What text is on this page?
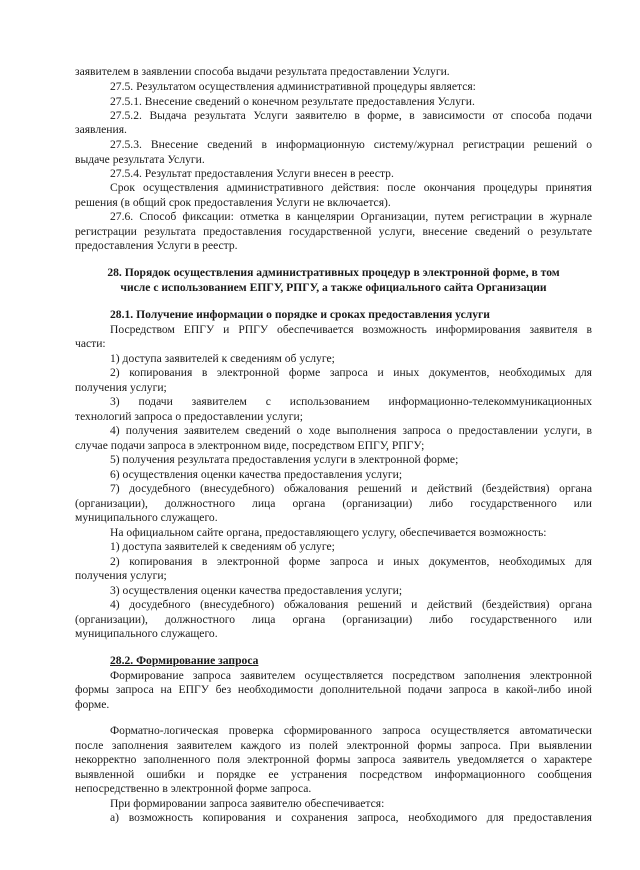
заявителем в заявлении способа выдачи результата предоставлении Услуги.
27.5. Результатом осуществления административной процедуры является:
27.5.1. Внесение сведений о конечном результате предоставления Услуги.
27.5.2. Выдача результата Услуги заявителю в форме, в зависимости от способа подачи
заявления.
27.5.3. Внесение сведений в информационную систему/журнал регистрации решений о
выдаче результата Услуги.
27.5.4. Результат предоставления Услуги внесен в реестр.
Срок осуществления административного действия: после окончания процедуры принятия
решения (в общий срок предоставления Услуги не включается).
27.6. Способ фиксации: отметка в канцелярии Организации, путем регистрации в журнале
регистрации результата предоставления государственной услуги, внесение сведений о результате
предоставления Услуги в реестр.
28. Порядок осуществления административных процедур в электронной форме, в том
числе с использованием ЕПГУ, РПГУ, а также официального сайта Организации
28.1. Получение информации о порядке и сроках предоставления услуги
Посредством ЕПГУ и РПГУ обеспечивается возможность информирования заявителя в
части:
1) доступа заявителей к сведениям об услуге;
2) копирования в электронной форме запроса и иных документов, необходимых для
получения услуги;
3) подачи заявителем с использованием информационно-телекоммуникационных
технологий запроса о предоставлении услуги;
4) получения заявителем сведений о ходе выполнения запроса о предоставлении услуги, в
случае подачи запроса в электронном виде, посредством ЕПГУ, РПГУ;
5) получения результата предоставления услуги в электронной форме;
6) осуществления оценки качества предоставления услуги;
7) досудебного (внесудебного) обжалования решений и действий (бездействия) органа
(организации), должностного лица органа (организации) либо государственного или
муниципального служащего.
На официальном сайте органа, предоставляющего услугу, обеспечивается возможность:
1) доступа заявителей к сведениям об услуге;
2) копирования в электронной форме запроса и иных документов, необходимых для
получения услуги;
3) осуществления оценки качества предоставления услуги;
4) досудебного (внесудебного) обжалования решений и действий (бездействия) органа
(организации), должностного лица органа (организации) либо государственного или
муниципального служащего.
28.2. Формирование запроса
Формирование запроса заявителем осуществляется посредством заполнения электронной
формы запроса на ЕПГУ без необходимости дополнительной подачи запроса в какой-либо иной
форме.
Форматно-логическая проверка сформированного запроса осуществляется автоматически
после заполнения заявителем каждого из полей электронной формы запроса. При выявлении
некорректно заполненного поля электронной формы запроса заявитель уведомляется о характере
выявленной ошибки и порядке ее устранения посредством информационного сообщения
непосредственно в электронной форме запроса.
При формировании запроса заявителю обеспечивается:
а) возможность копирования и сохранения запроса, необходимого для предоставления
